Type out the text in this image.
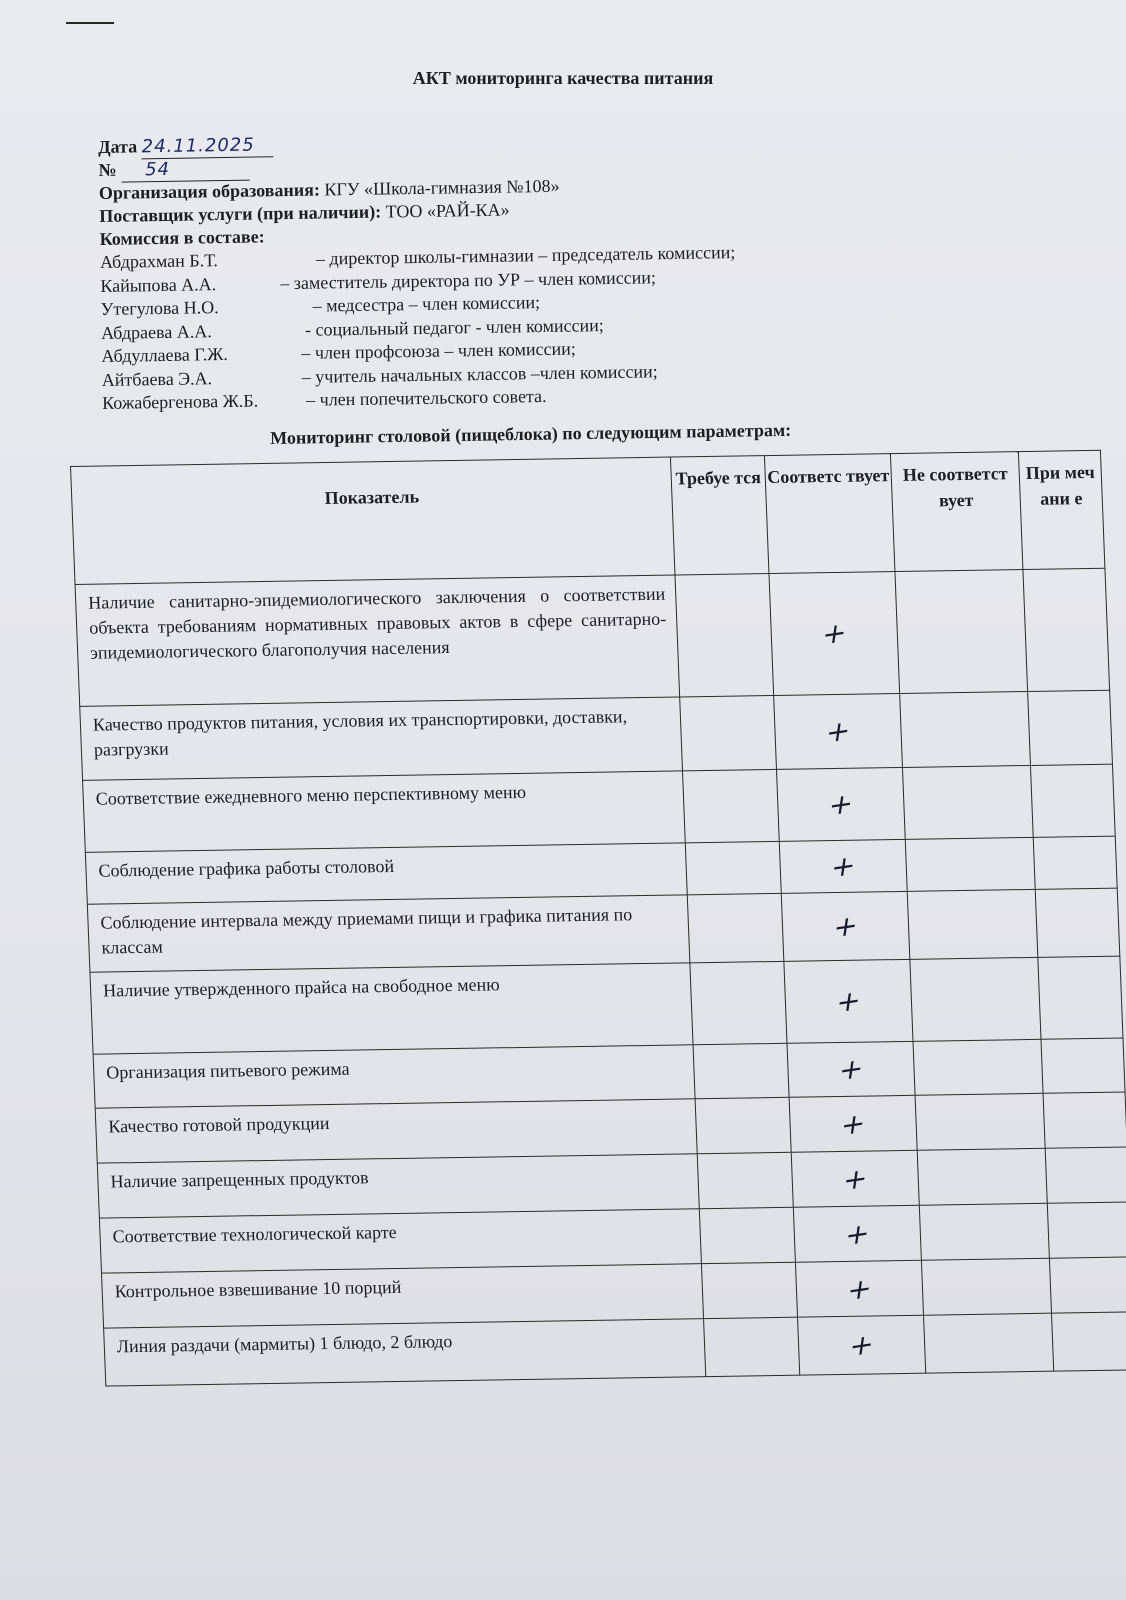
АКТ мониторинга качества питания
Дата 24.11.2025
№ 54
Организация образования: КГУ «Школа-гимназия №108»
Поставщик услуги (при наличии): ТОО «РАЙ-КА»
Комиссия в составе:
Абдрахман Б.Т.	– директор школы-гимназии – председатель комиссии;
Кайыпова А.А.	– заместитель директора по УР – член комиссии;
Утегулова Н.О.	– медсестра – член комиссии;
Абдраева А.А.	- социальный педагог - член комиссии;
Абдуллаева Г.Ж.	– член профсоюза – член комиссии;
Айтбаева Э.А.	– учитель начальных классов –член комиссии;
Кожабергенова Ж.Б.	– член попечительского совета.
Мониторинг столовой (пищеблока) по следующим параметрам:
Показатель	Требуе тся	Соответс твует	Не соответст вует	При меч ани е
Наличие санитарно-эпидемиологического заключения о соответствии объекта требованиям нормативных правовых актов в сфере санитарно-эпидемиологического благополучия населения		+		
Качество продуктов питания, условия их транспортировки, доставки, разгрузки		+		
Соответствие ежедневного меню перспективному меню		+		
Соблюдение графика работы столовой		+		
Соблюдение интервала между приемами пищи и графика питания по классам		+		
Наличие утвержденного прайса на свободное меню		+		
Организация питьевого режима		+		
Качество готовой продукции		+		
Наличие запрещенных продуктов		+		
Соответствие технологической карте		+		
Контрольное взвешивание 10 порций		+		
Линия раздачи (мармиты) 1 блюдо, 2 блюдо		+		
